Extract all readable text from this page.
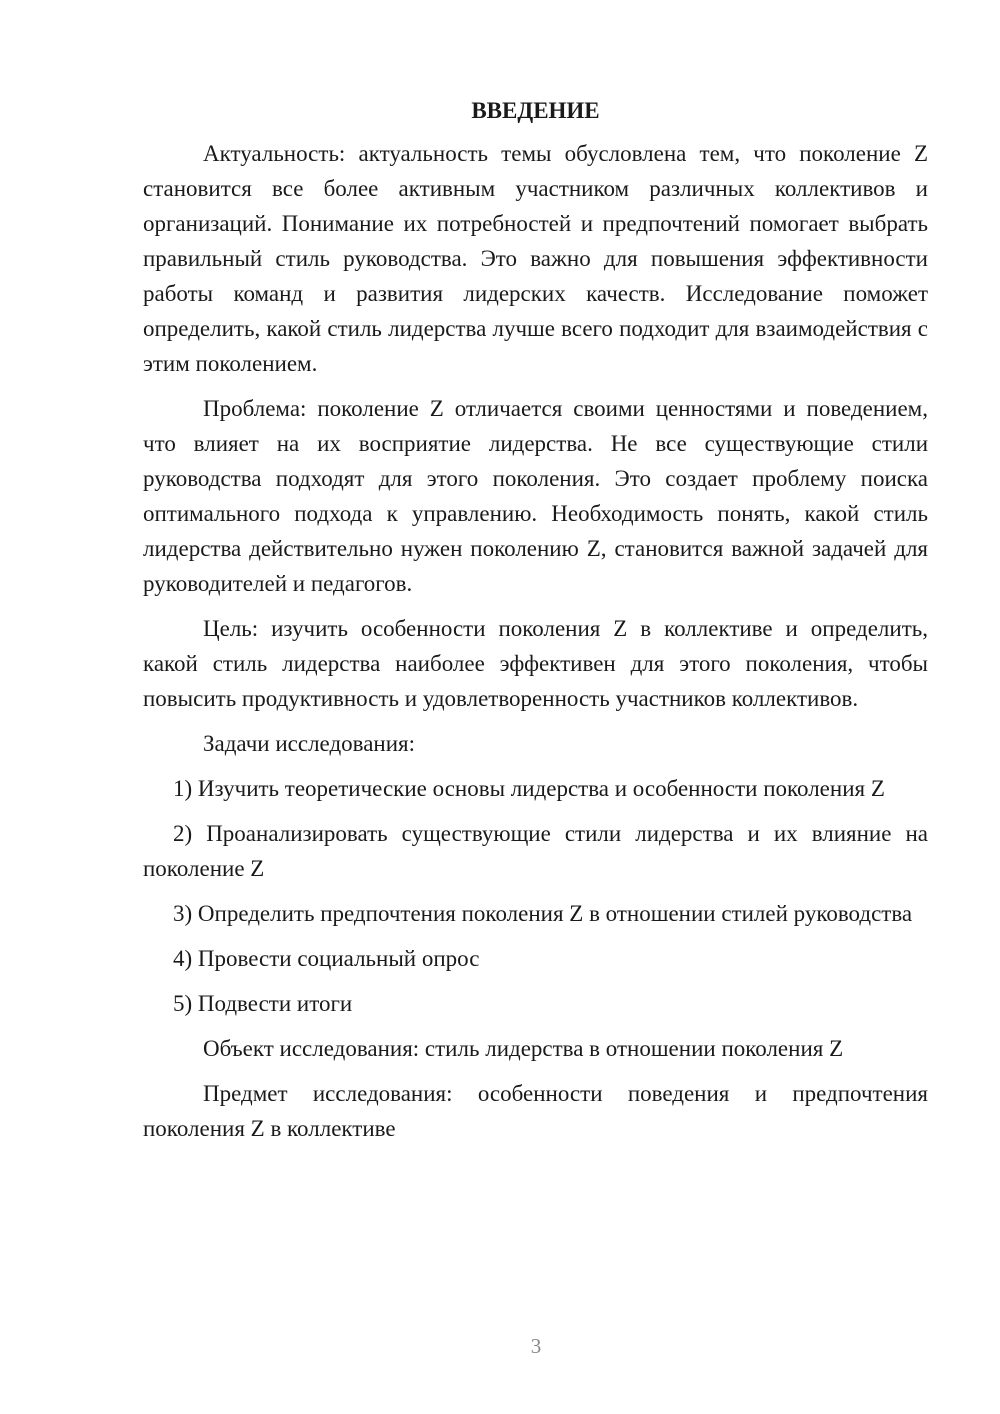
ВВЕДЕНИЕ

Актуальность: актуальность темы обусловлена тем, что поколение Z становится все более активным участником различных коллективов и организаций. Понимание их потребностей и предпочтений помогает выбрать правильный стиль руководства. Это важно для повышения эффективности работы команд и развития лидерских качеств. Исследование поможет определить, какой стиль лидерства лучше всего подходит для взаимодействия с этим поколением.

Проблема: поколение Z отличается своими ценностями и поведением, что влияет на их восприятие лидерства. Не все существующие стили руководства подходят для этого поколения. Это создает проблему поиска оптимального подхода к управлению. Необходимость понять, какой стиль лидерства действительно нужен поколению Z, становится важной задачей для руководителей и педагогов.

Цель: изучить особенности поколения Z в коллективе и определить, какой стиль лидерства наиболее эффективен для этого поколения, чтобы повысить продуктивность и удовлетворенность участников коллективов.

Задачи исследования:

1) Изучить теоретические основы лидерства и особенности поколения Z

2) Проанализировать существующие стили лидерства и их влияние на поколение Z

3) Определить предпочтения поколения Z в отношении стилей руководства

4) Провести социальный опрос

5) Подвести итоги

Объект исследования: стиль лидерства в отношении поколения Z

Предмет исследования: особенности поведения и предпочтения поколения Z в коллективе

3
